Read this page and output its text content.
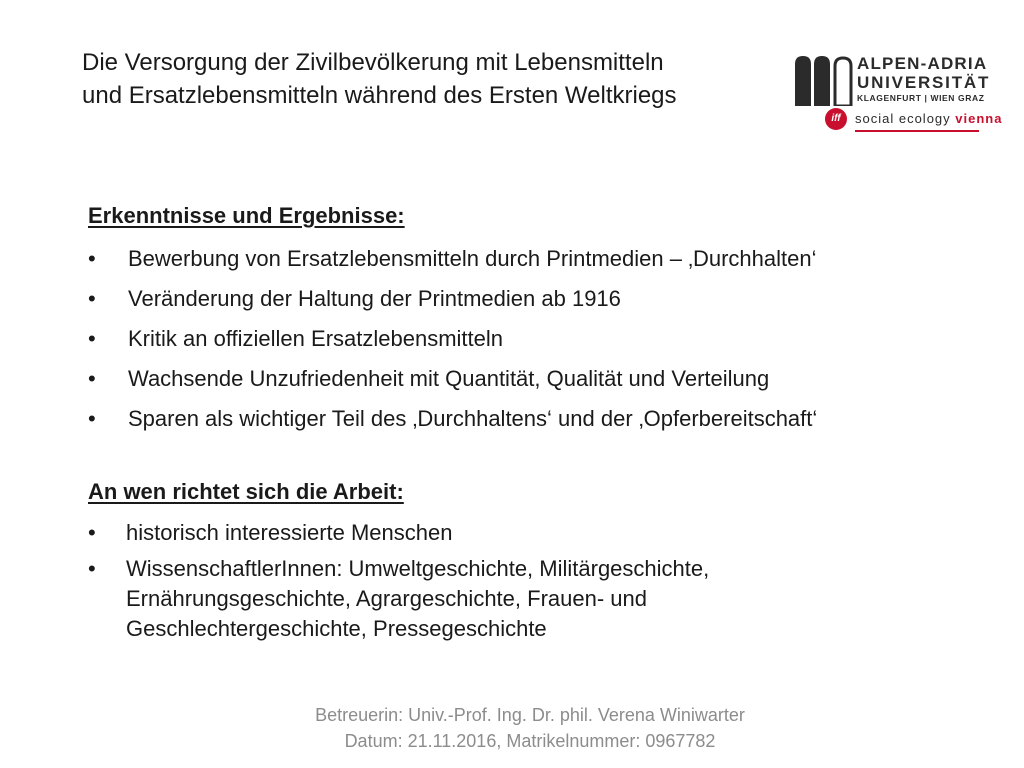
Die Versorgung der Zivilbevölkerung mit Lebensmitteln
und Ersatzlebensmitteln während des Ersten Weltkriegs
ALPEN-ADRIA
UNIVERSITÄT
KLAGENFURT | WIEN GRAZ
iff	social ecology vienna
Erkenntnisse und Ergebnisse:
• Bewerbung von Ersatzlebensmitteln durch Printmedien – ‚Durchhalten‘
• Veränderung der Haltung der Printmedien ab 1916
• Kritik an offiziellen Ersatzlebensmitteln
• Wachsende Unzufriedenheit mit Quantität, Qualität und Verteilung
• Sparen als wichtiger Teil des ‚Durchhaltens‘ und der ‚Opferbereitschaft‘
An wen richtet sich die Arbeit:
• historisch interessierte Menschen
• WissenschaftlerInnen: Umweltgeschichte, Militärgeschichte, Ernährungsgeschichte, Agrargeschichte, Frauen- und Geschlechtergeschichte, Pressegeschichte
Betreuerin: Univ.-Prof. Ing. Dr. phil. Verena Winiwarter
Datum: 21.11.2016, Matrikelnummer: 0967782
